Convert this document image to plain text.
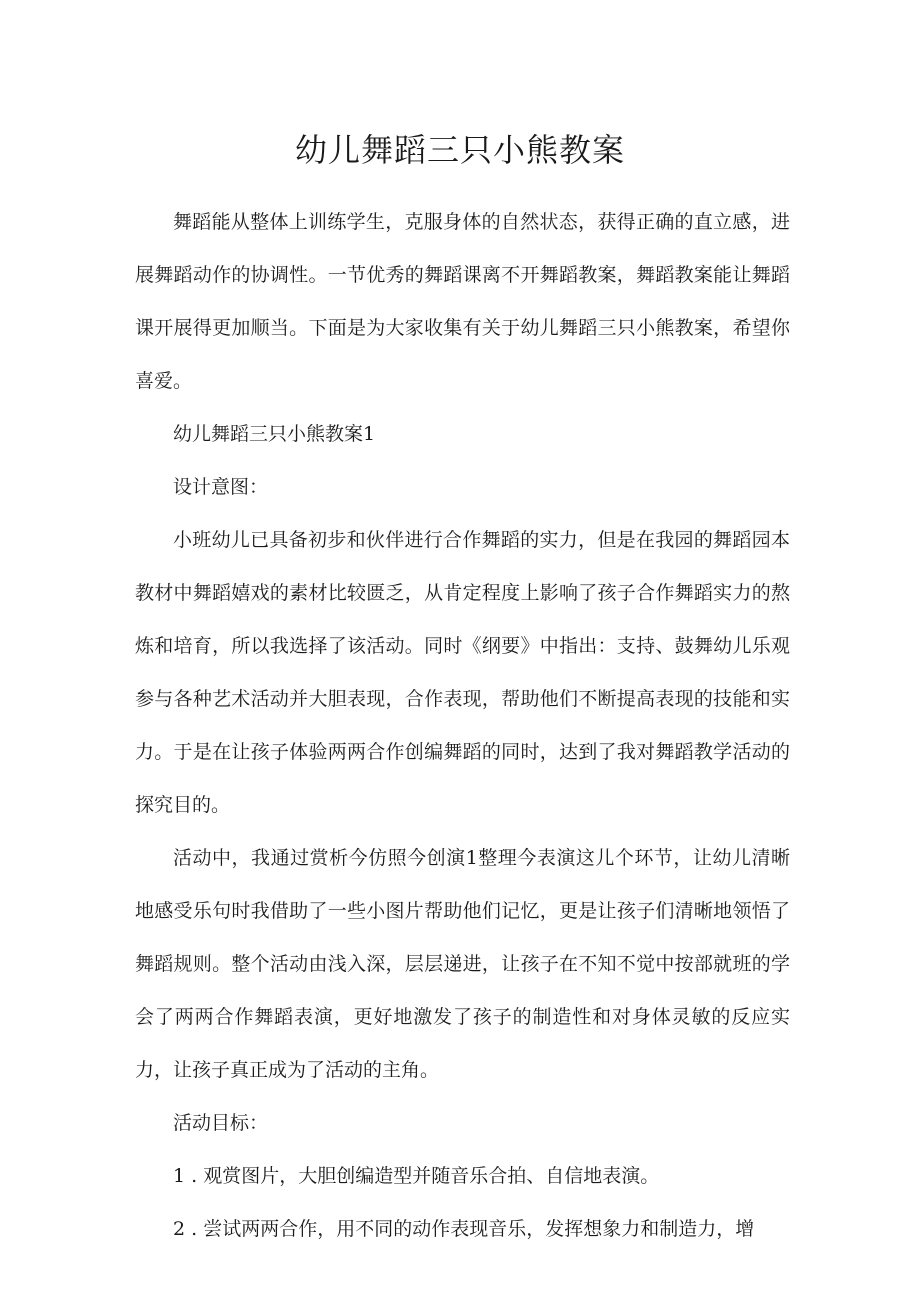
幼儿舞蹈三只小熊教案

舞蹈能从整体上训练学生，克服身体的自然状态，获得正确的直立感，进展舞蹈动作的协调性。一节优秀的舞蹈课离不开舞蹈教案，舞蹈教案能让舞蹈课开展得更加顺当。下面是为大家收集有关于幼儿舞蹈三只小熊教案，希望你喜爱。

幼儿舞蹈三只小熊教案1

设计意图：

小班幼儿已具备初步和伙伴进行合作舞蹈的实力，但是在我园的舞蹈园本教材中舞蹈嬉戏的素材比较匮乏，从肯定程度上影响了孩子合作舞蹈实力的熬炼和培育，所以我选择了该活动。同时《纲要》中指出：支持、鼓舞幼儿乐观参与各种艺术活动并大胆表现，合作表现，帮助他们不断提高表现的技能和实力。于是在让孩子体验两两合作创编舞蹈的同时，达到了我对舞蹈教学活动的探究目的。

活动中，我通过赏析今仿照今创演1整理今表演这儿个环节，让幼儿清晰地感受乐句时我借助了一些小图片帮助他们记忆，更是让孩子们清晰地领悟了舞蹈规则。整个活动由浅入深，层层递进，让孩子在不知不觉中按部就班的学会了两两合作舞蹈表演，更好地激发了孩子的制造性和对身体灵敏的反应实力，让孩子真正成为了活动的主角。

活动目标：

1 . 观赏图片，大胆创编造型并随音乐合拍、自信地表演。

2 . 尝试两两合作，用不同的动作表现音乐，发挥想象力和制造力，增
